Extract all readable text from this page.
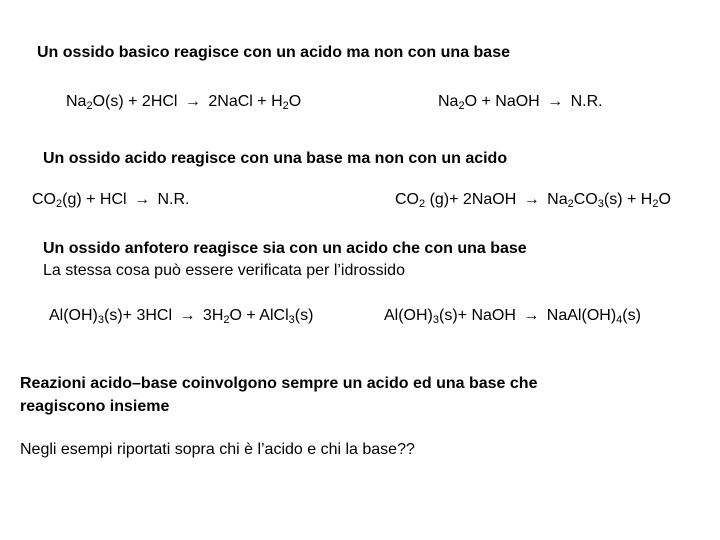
Un ossido basico reagisce con un acido ma non con una base
$Na_2O(s) + 2HCl$ → 2NaCl + $H_2O$	$Na_2O$ + NaOH → N.R.
Un ossido acido reagisce con una base ma non con un acido
$CO_2(g)$ + HCl → N.R.	$CO_2$ (g)+ 2NaOH → $Na_2CO_3(s) + H_2O$
Un ossido anfotero reagisce sia con un acido che con una base
La stessa cosa può essere verificata per l’idrossido
$Al(OH)_3(s)+ 3HCl \to 3H_2O$ + AlCl$_3$(s)	$Al(OH)_3(s)+$ NaOH → $NaAl(OH)_4(s)$
Reazioni acido–base coinvolgono sempre un acido ed una base che
reagiscono insieme
Negli esempi riportati sopra chi è l’acido e chi la base??
